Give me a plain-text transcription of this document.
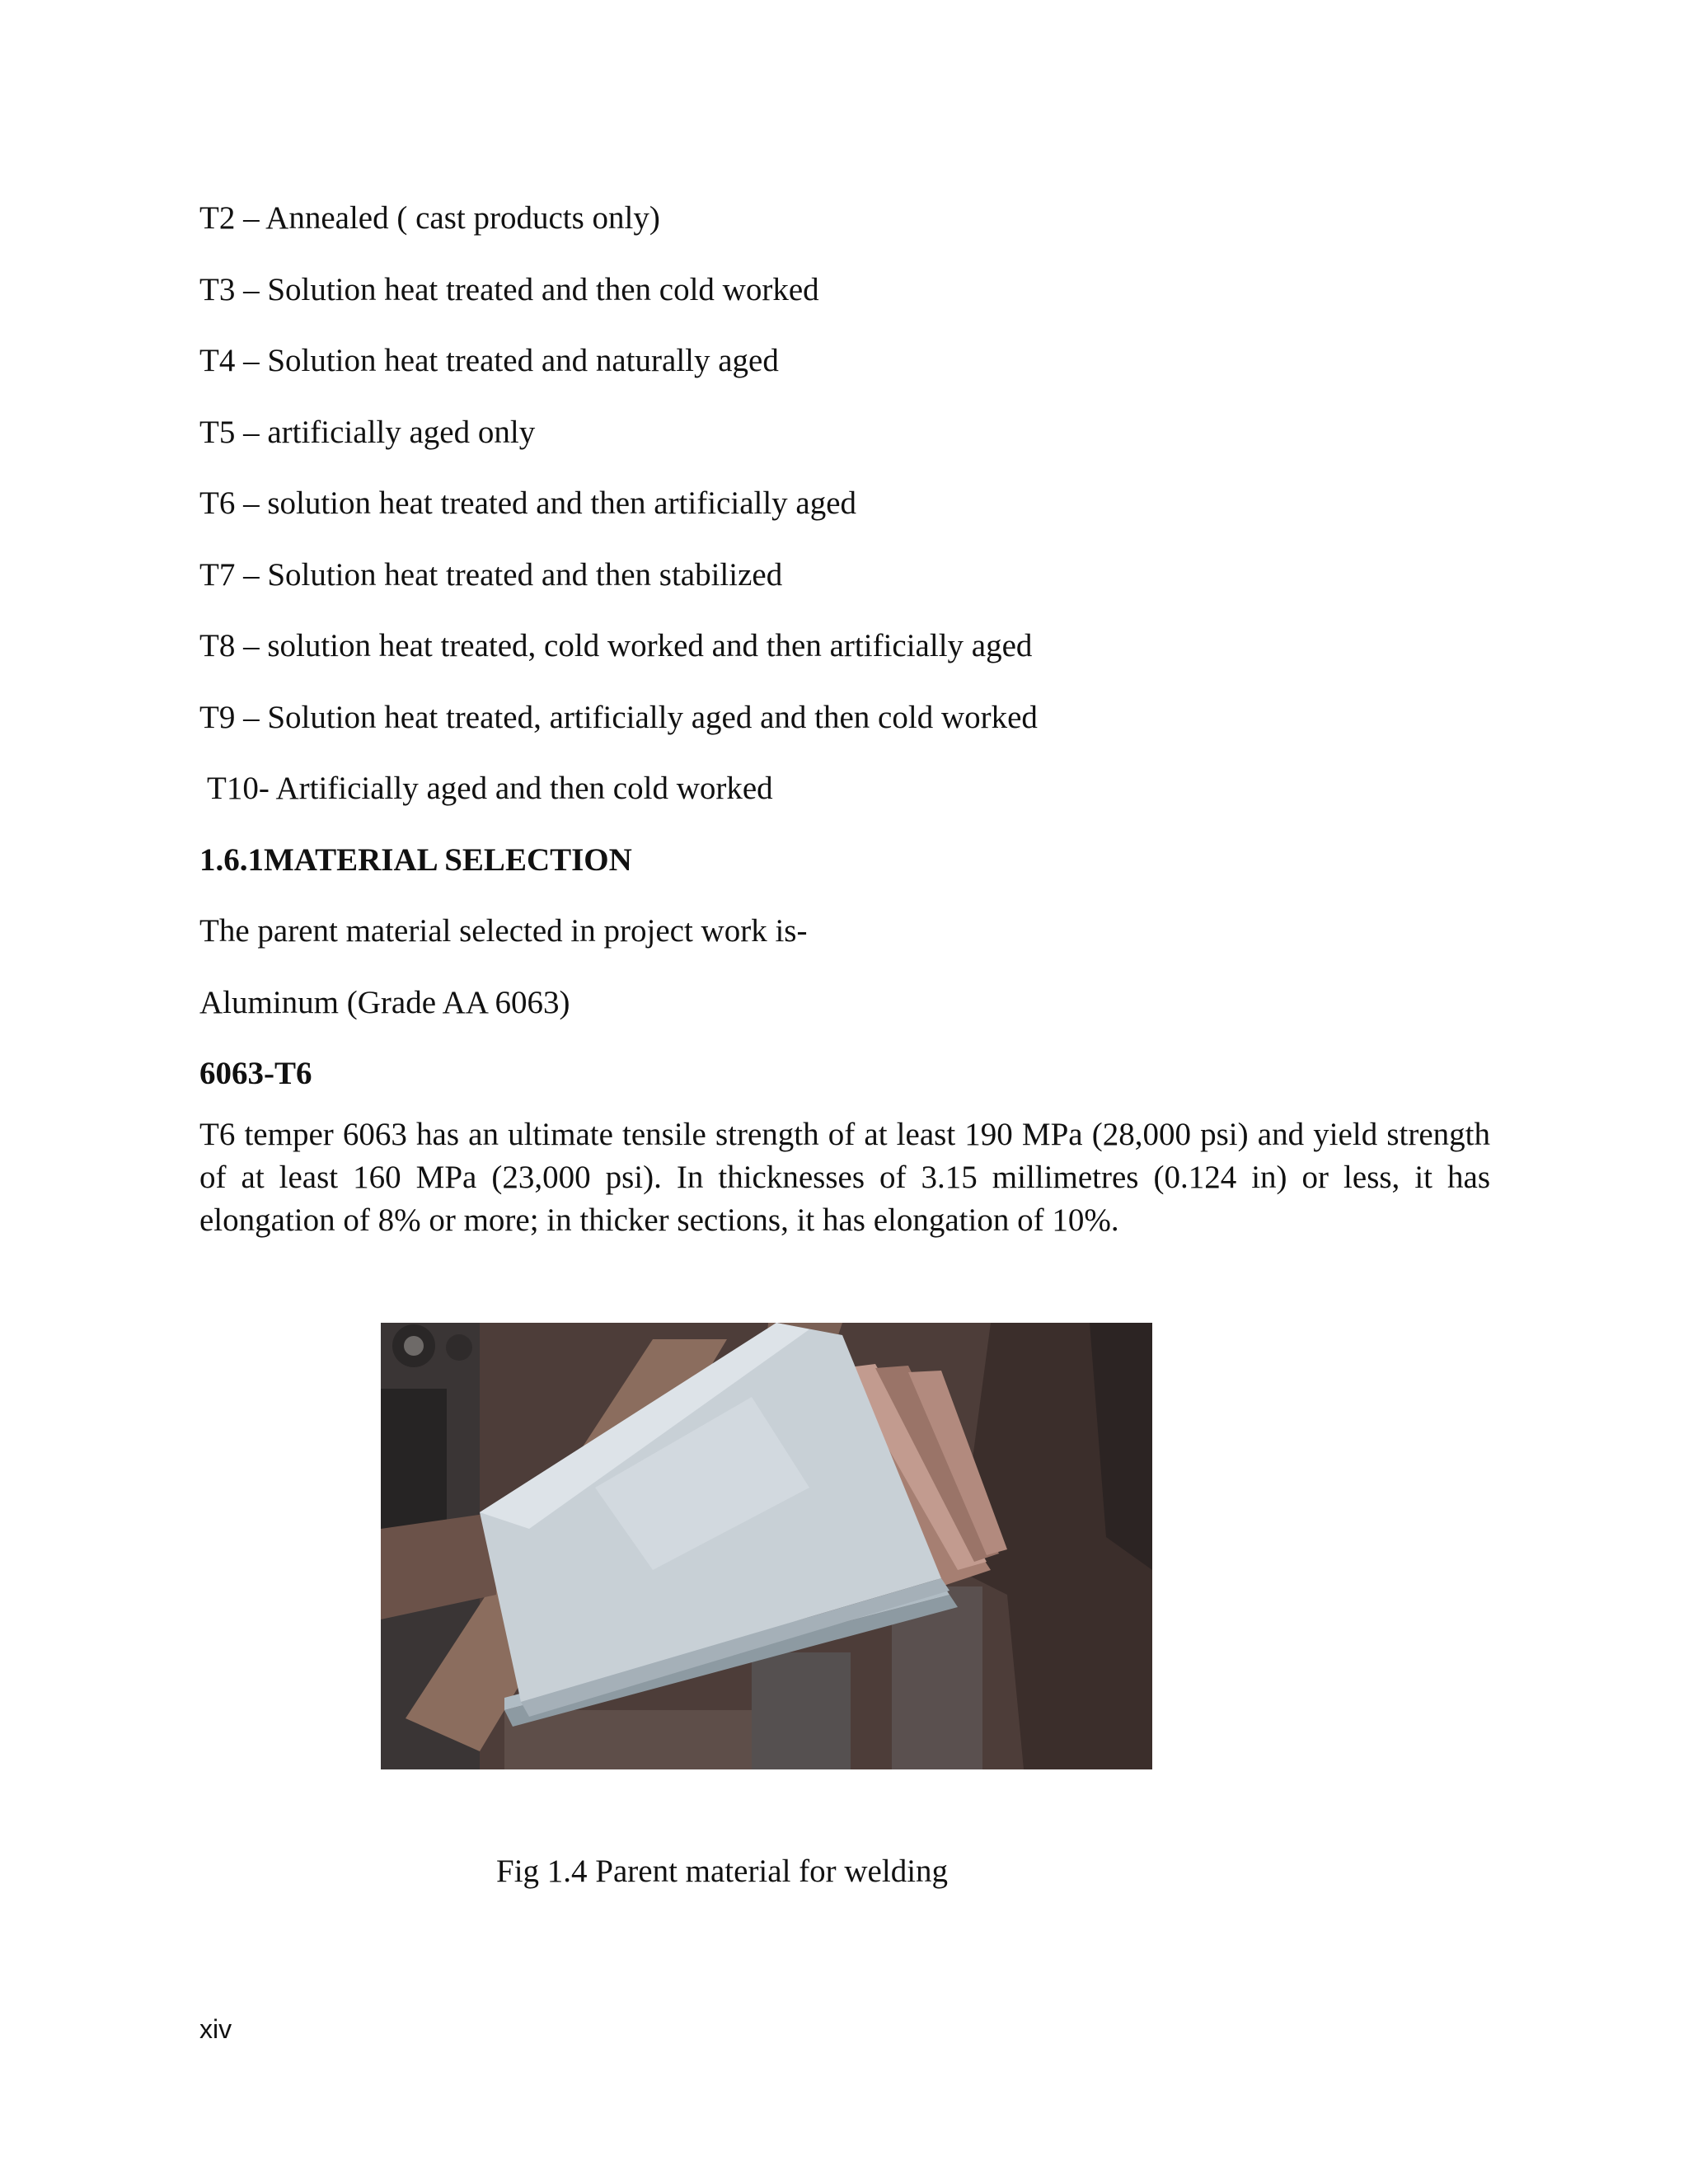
T2 – Annealed ( cast products only)
T3 – Solution heat treated and then cold worked
T4 – Solution heat treated and naturally aged
T5 – artificially aged only
T6 – solution heat treated and then artificially aged
T7 – Solution heat treated and then stabilized
T8 – solution heat treated, cold worked and then artificially aged
T9 – Solution heat treated, artificially aged and then cold worked
T10- Artificially aged and then cold worked
1.6.1MATERIAL SELECTION
The parent material selected in project work is-
Aluminum (Grade AA 6063)
6063-T6
T6 temper 6063 has an ultimate tensile strength of at least 190 MPa (28,000 psi) and yield strength of at least 160 MPa (23,000 psi). In thicknesses of 3.15 millimetres (0.124 in) or less, it has elongation of 8% or more; in thicker sections, it has elongation of 10%.
Fig 1.4 Parent material for welding
xiv
